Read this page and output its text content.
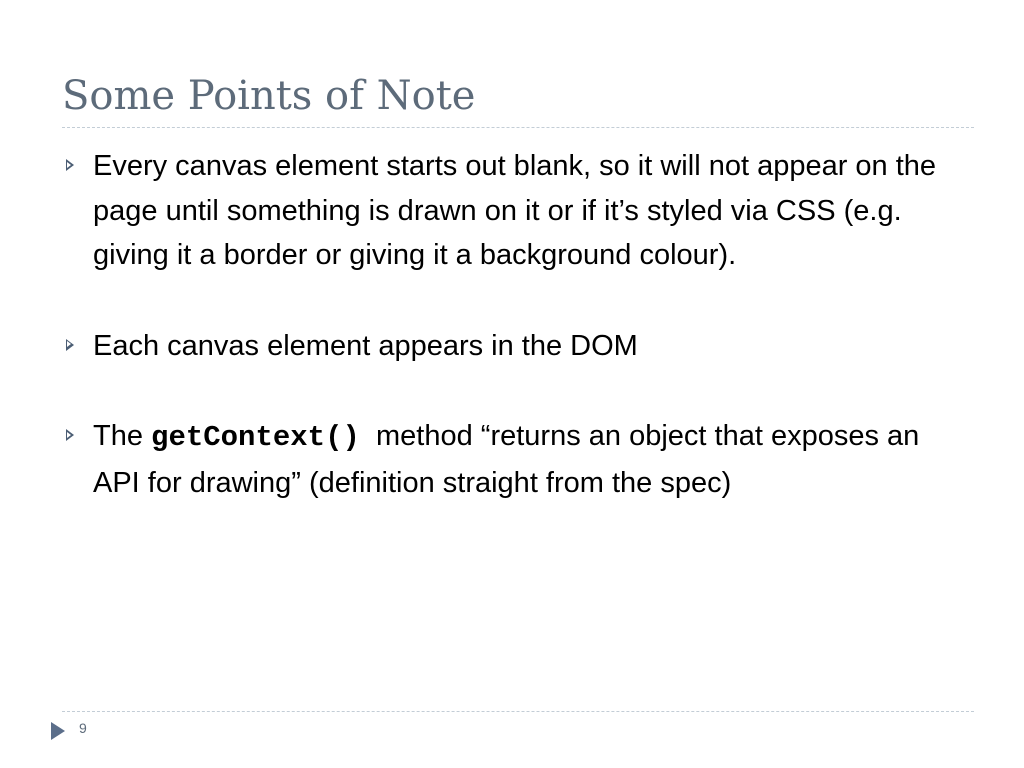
Some Points of Note
Every canvas element starts out blank, so it will not appear on the page until something is drawn on it or if it’s styled via CSS (e.g. giving it a border or giving it a background colour).
Each canvas element appears in the DOM
The getContext() method “returns an object that exposes an API for drawing” (definition straight from the spec)
9
